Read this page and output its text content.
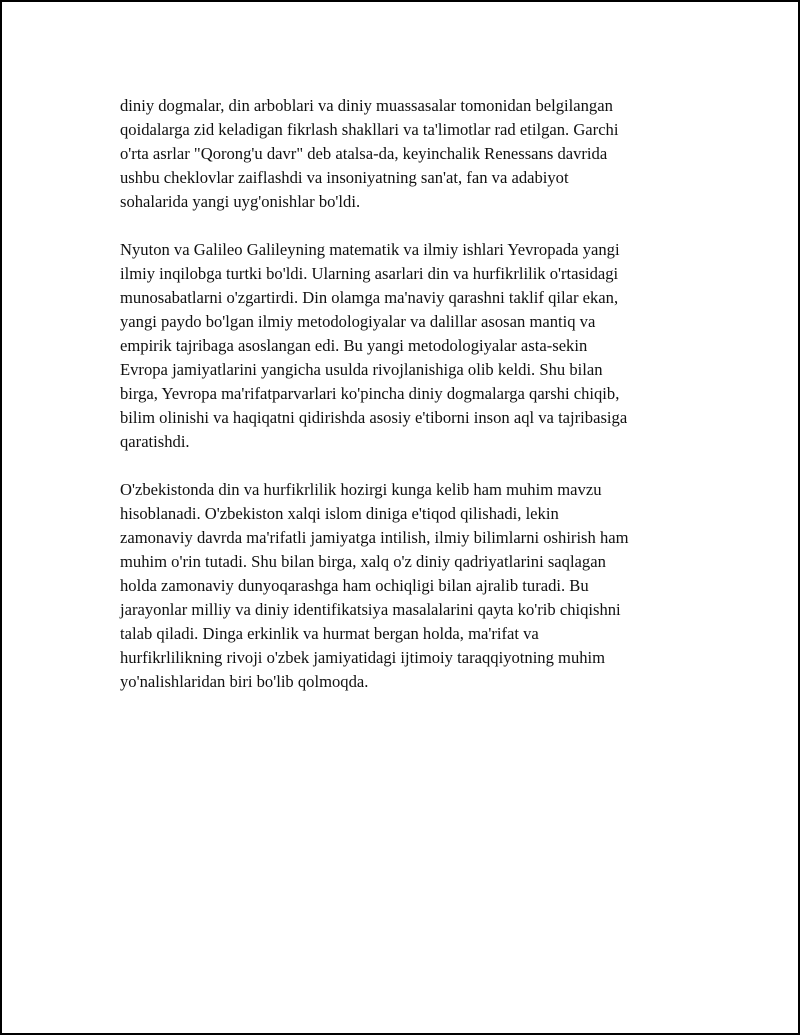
diniy dogmalar, din arboblari va diniy muassasalar tomonidan belgilangan
qoidalarga zid keladigan fikrlash shakllari va ta'limotlar rad etilgan. Garchi
o'rta asrlar "Qorong'u davr" deb atalsa-da, keyinchalik Renessans davrida
ushbu cheklovlar zaiflashdi va insoniyatning san'at, fan va adabiyot
sohalarida yangi uyg'onishlar bo'ldi.

Nyuton va Galileo Galileyning matematik va ilmiy ishlari Yevropada yangi
ilmiy inqilobga turtki bo'ldi. Ularning asarlari din va hurfikrlilik o'rtasidagi
munosabatlarni o'zgartirdi. Din olamga ma'naviy qarashni taklif qilar ekan,
yangi paydo bo'lgan ilmiy metodologiyalar va dalillar asosan mantiq va
empirik tajribaga asoslangan edi. Bu yangi metodologiyalar asta-sekin
Evropa jamiyatlarini yangicha usulda rivojlanishiga olib keldi. Shu bilan
birga, Yevropa ma'rifatparvarlari ko'pincha diniy dogmalarga qarshi chiqib,
bilim olinishi va haqiqatni qidirishda asosiy e'tiborni inson aql va tajribasiga
qaratishdi.

O'zbekistonda din va hurfikrlilik hozirgi kunga kelib ham muhim mavzu
hisoblanadi. O'zbekiston xalqi islom diniga e'tiqod qilishadi, lekin
zamonaviy davrda ma'rifatli jamiyatga intilish, ilmiy bilimlarni oshirish ham
muhim o'rin tutadi. Shu bilan birga, xalq o'z diniy qadriyatlarini saqlagan
holda zamonaviy dunyoqarashga ham ochiqligi bilan ajralib turadi. Bu
jarayonlar milliy va diniy identifikatsiya masalalarini qayta ko'rib chiqishni
talab qiladi. Dinga erkinlik va hurmat bergan holda, ma'rifat va
hurfikrlilikning rivoji o'zbek jamiyatidagi ijtimoiy taraqqiyotning muhim
yo'nalishlaridan biri bo'lib qolmoqda.
